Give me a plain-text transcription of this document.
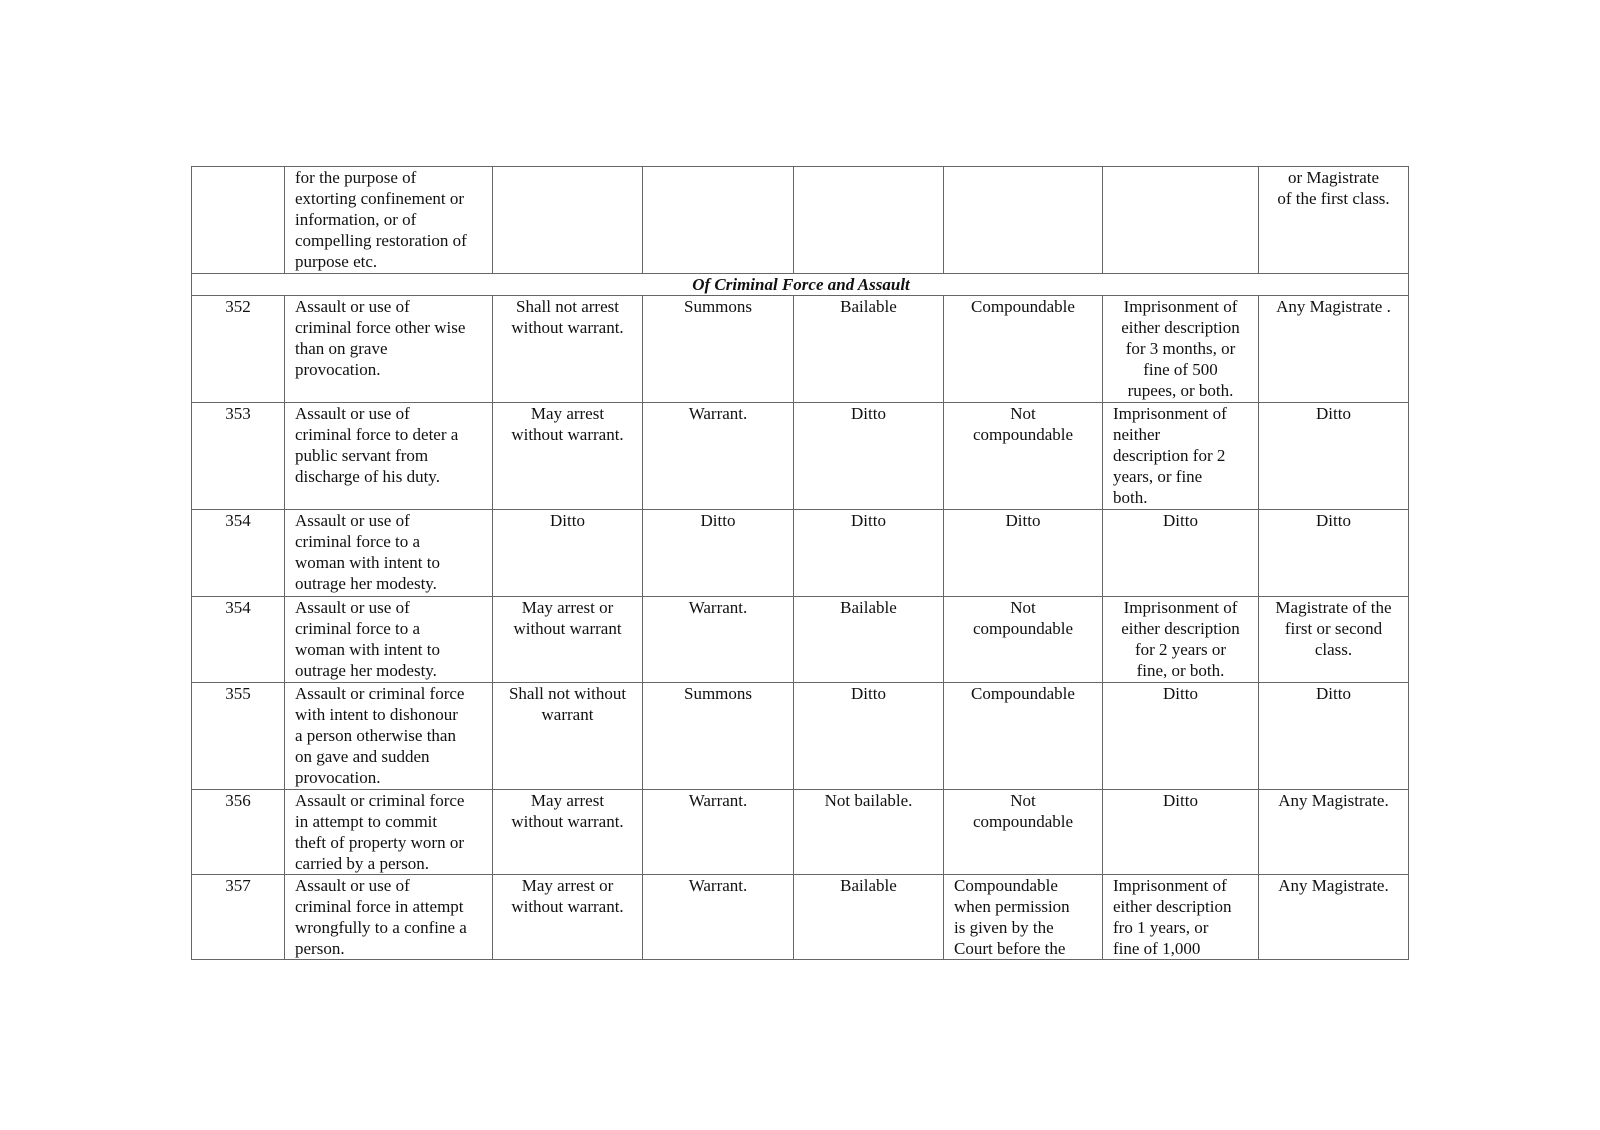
	for the purpose of
extorting confinement or
information, or of
compelling restoration of
purpose etc.						or Magistrate
of the first class.

Of Criminal Force and Assault							

352	Assault or use of
criminal force other wise
than on grave
provocation.	Shall not arrest
without warrant.	Summons	Bailable	Compoundable	Imprisonment of
either description
for 3 months, or
fine of 500
rupees, or both.	Any Magistrate .

353	Assault or use of
criminal force to deter a
public servant from
discharge of his duty.	May arrest
without warrant.	Warrant.	Ditto	Not
compoundable	Imprisonment of
neither
description for 2
years, or fine
both.	Ditto

354	Assault or use of
criminal force to a
woman with intent to
outrage her modesty.	Ditto	Ditto	Ditto	Ditto	Ditto	Ditto

354	Assault or use of
criminal force to a
woman with intent to
outrage her modesty.	May arrest or
without warrant	Warrant.	Bailable	Not
compoundable	Imprisonment of
either description
for 2 years or
fine, or both.	Magistrate of the
first or second
class.

355	Assault or criminal force
with intent to dishonour
a person otherwise than
on gave and sudden
provocation.	Shall not without
warrant	Summons	Ditto	Compoundable	Ditto	Ditto

356	Assault or criminal force
in attempt to commit
theft of property worn or
carried by a person.	May arrest
without warrant.	Warrant.	Not bailable.	Not
compoundable	Ditto	Any Magistrate.

357	Assault or use of
criminal force in attempt
wrongfully to a confine a
person.	May arrest or
without warrant.	Warrant.	Bailable	Compoundable
when permission
is given by the
Court before the	Imprisonment of
either description
fro 1 years, or
fine of 1,000	Any Magistrate.
